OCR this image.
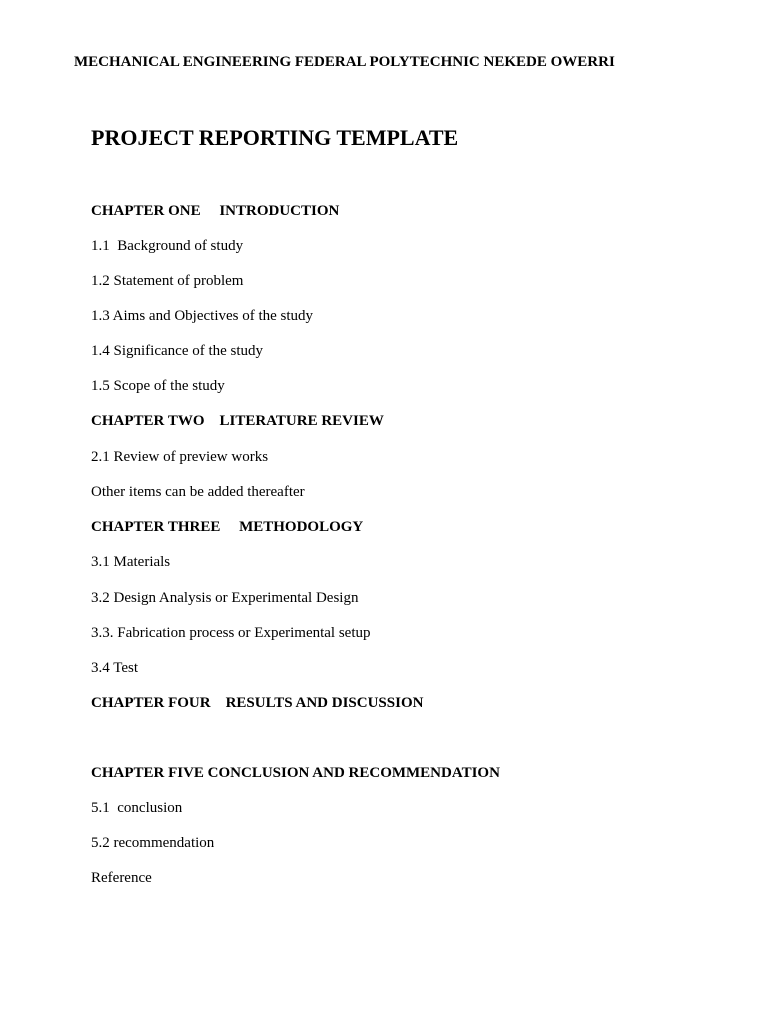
MECHANICAL ENGINEERING FEDERAL POLYTECHNIC NEKEDE OWERRI
PROJECT REPORTING TEMPLATE
CHAPTER ONE     INTRODUCTION
1.1  Background of study
1.2 Statement of problem
1.3 Aims and Objectives of the study
1.4 Significance of the study
1.5 Scope of the study
CHAPTER TWO    LITERATURE REVIEW
2.1 Review of preview works
Other items can be added thereafter
CHAPTER THREE     METHODOLOGY
3.1 Materials
3.2 Design Analysis or Experimental Design
3.3. Fabrication process or Experimental setup
3.4 Test
CHAPTER FOUR    RESULTS AND DISCUSSION
CHAPTER FIVE CONCLUSION AND RECOMMENDATION
5.1  conclusion
5.2 recommendation
Reference
